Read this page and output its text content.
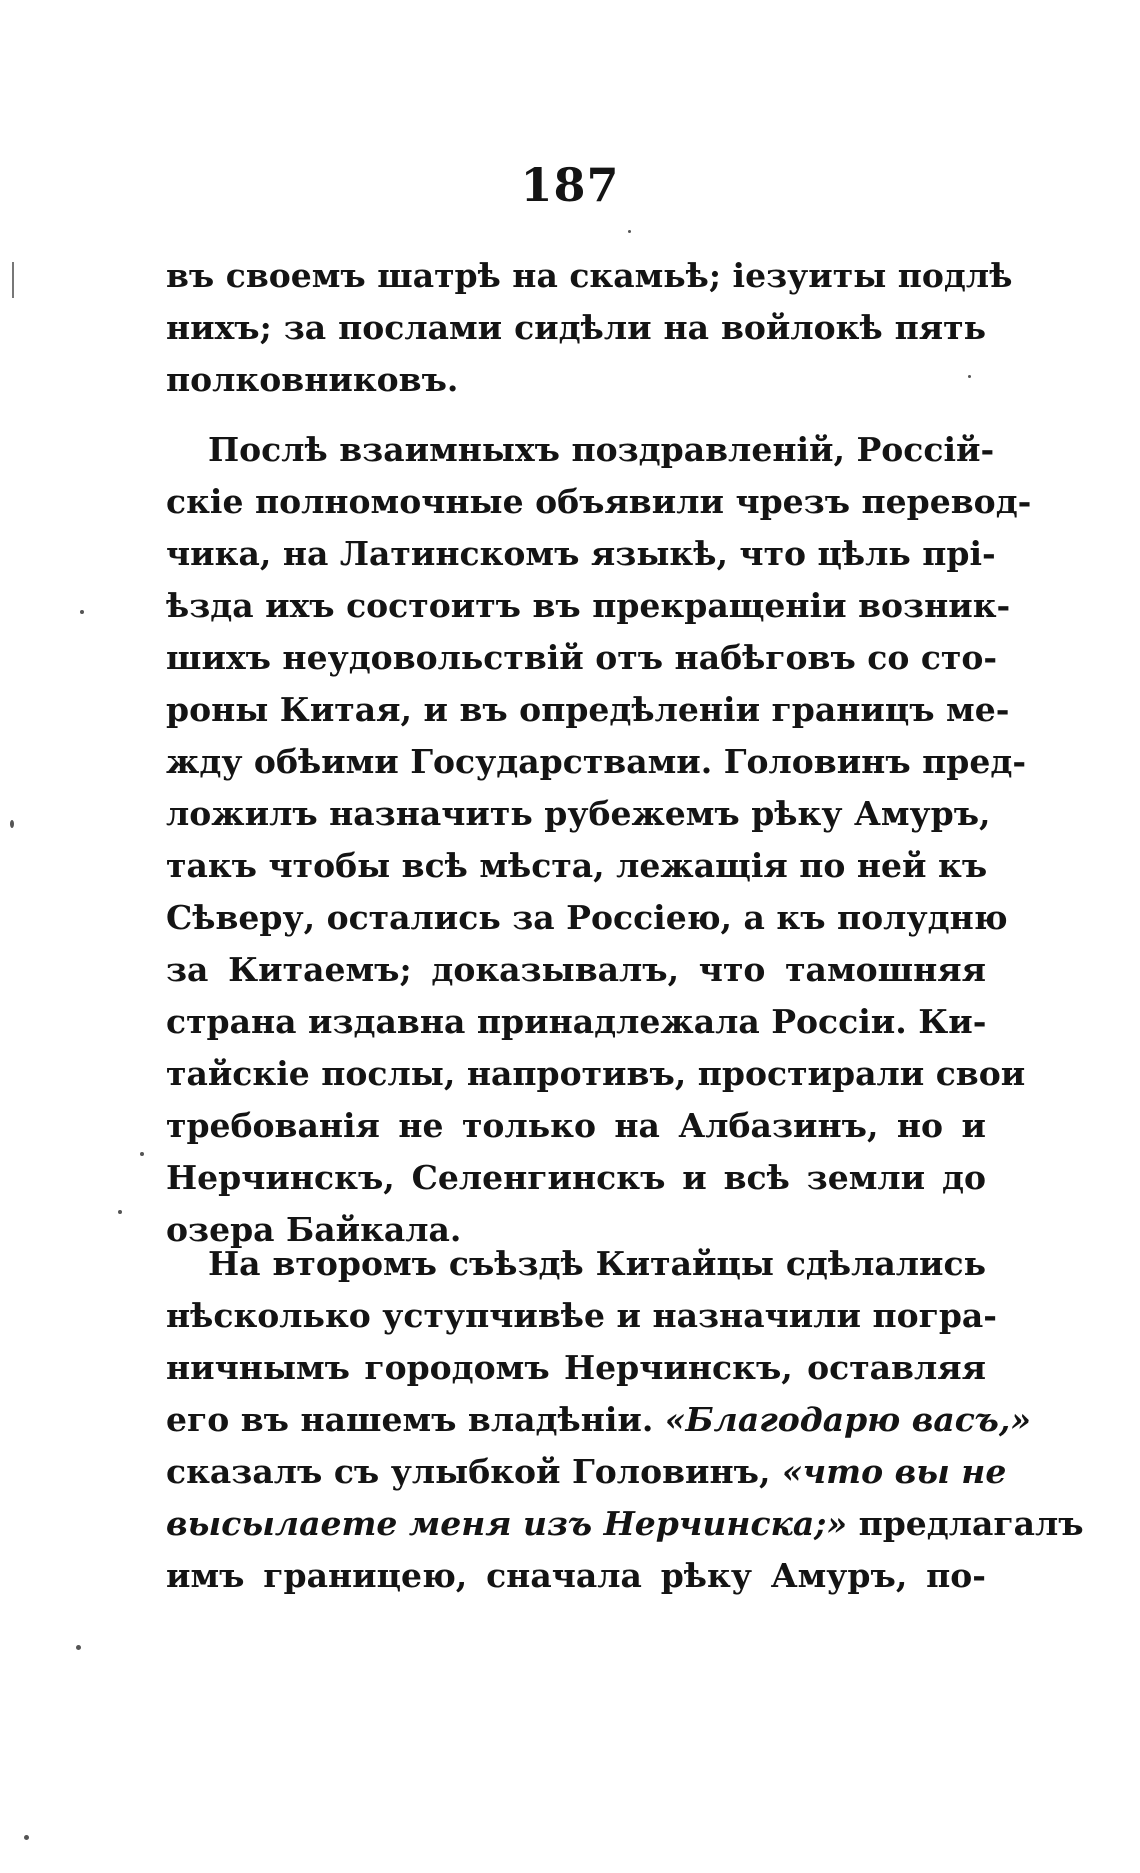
187
въ своемъ шатрѣ на скамьѣ; іезуиты подлѣ
нихъ; за послами сидѣли на войлокѣ пять
полковниковъ.
Послѣ взаимныхъ поздравленій, Россій-
скіе полномочные объявили чрезъ перевод-
чика, на Латинскомъ языкѣ, что цѣль прі-
ѣзда ихъ состоитъ въ прекращеніи возник-
шихъ неудовольствій отъ набѣговъ со сто-
роны Китая, и въ опредѣленіи границъ ме-
жду обѣими Государствами. Головинъ пред-
ложилъ назначить рубежемъ рѣку Амуръ,
такъ чтобы всѣ мѣста, лежащія по ней къ
Сѣверу, остались за Россіею, а къ полудню
за Китаемъ; доказывалъ, что тамошняя
страна издавна принадлежала Россіи. Ки-
тайскіе послы, напротивъ, простирали свои
требованія не только на Албазинъ, но и
Нерчинскъ, Селенгинскъ и всѣ земли до
озера Байкала.
На второмъ съѣздѣ Китайцы сдѣлались
нѣсколько уступчивѣе и назначили погра-
ничнымъ городомъ Нерчинскъ, оставляя
его въ нашемъ владѣніи. «Благодарю васъ,»
сказалъ съ улыбкой Головинъ, «что вы не
высылаете меня изъ Нерчинска;» предлагалъ
имъ границею, сначала рѣку Амуръ, по-
